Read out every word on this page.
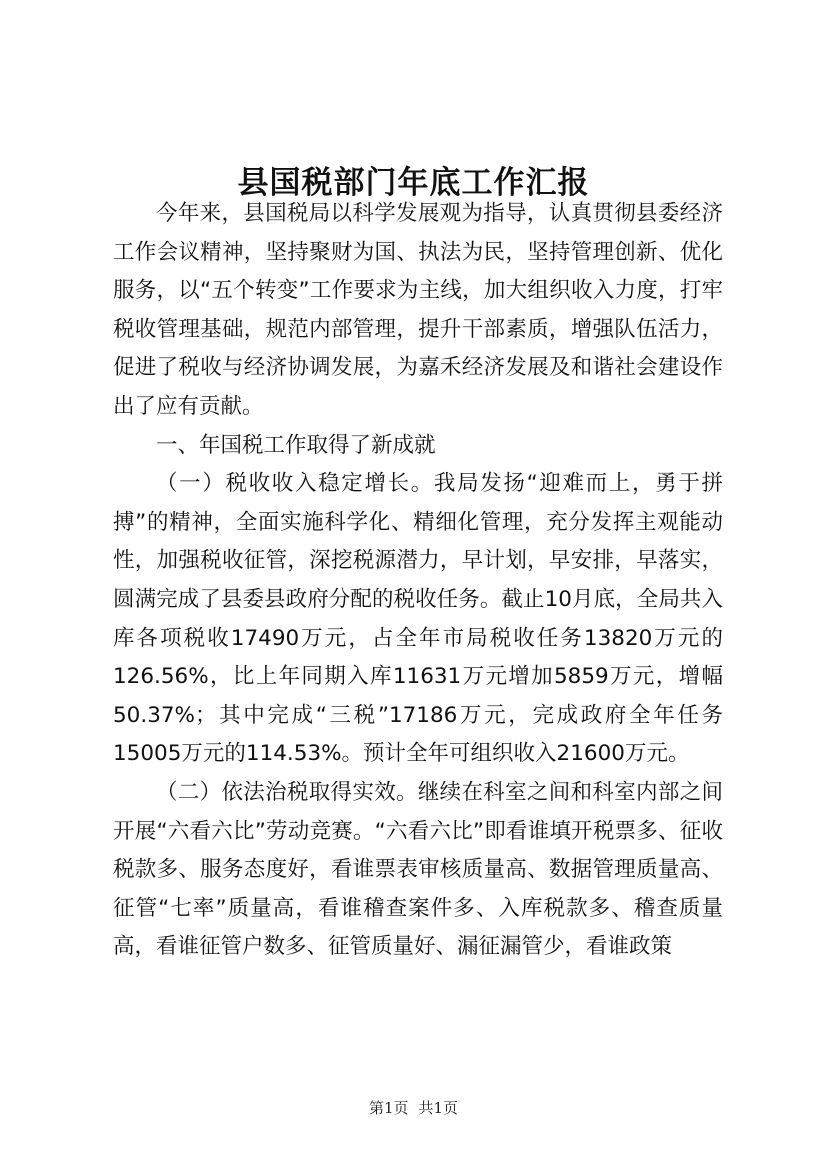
县国税部门年底工作汇报

今年来，县国税局以科学发展观为指导，认真贯彻县委经济工作会议精神，坚持聚财为国、执法为民，坚持管理创新、优化服务，以“五个转变”工作要求为主线，加大组织收入力度，打牢税收管理基础，规范内部管理，提升干部素质，增强队伍活力，促进了税收与经济协调发展，为嘉禾经济发展及和谐社会建设作出了应有贡献。

一、年国税工作取得了新成就

（一）税收收入稳定增长。我局发扬“迎难而上，勇于拼搏”的精神，全面实施科学化、精细化管理，充分发挥主观能动性，加强税收征管，深挖税源潜力，早计划，早安排，早落实，圆满完成了县委县政府分配的税收任务。截止10月底，全局共入库各项税收17490万元，占全年市局税收任务13820万元的126.56%，比上年同期入库11631万元增加5859万元，增幅50.37%；其中完成“三税”17186万元，完成政府全年任务15005万元的114.53%。预计全年可组织收入21600万元。

（二）依法治税取得实效。继续在科室之间和科室内部之间开展“六看六比”劳动竞赛。“六看六比”即看谁填开税票多、征收税款多、服务态度好，看谁票表审核质量高、数据管理质量高、征管“七率”质量高，看谁稽查案件多、入库税款多、稽查质量高，看谁征管户数多、征管质量好、漏征漏管少，看谁政策

第1页 共1页
